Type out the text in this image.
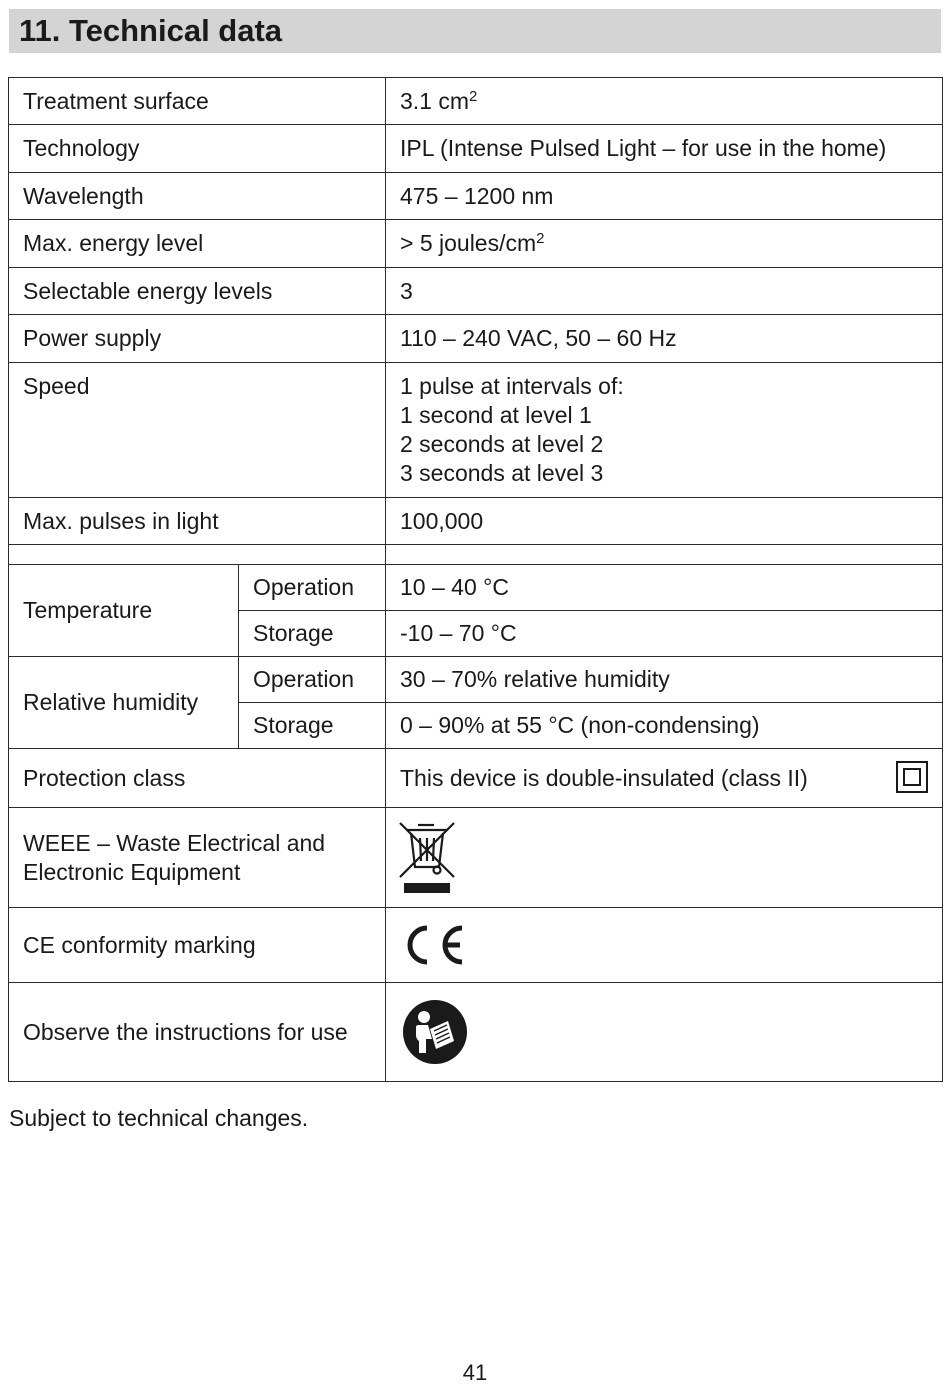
11. Technical data
Treatment surface		3.1 $cm^2$
Technology		IPL (Intense Pulsed Light – for use in the home)
Wavelength		475 – 1200 nm
Max. energy level		> 5 joules/$cm^2$
Selectable energy levels		3
Power supply		110 – 240 VAC, 50 – 60 Hz
Speed		1 pulse at intervals of:
1 second at level 1
2 seconds at level 2
3 seconds at level 3

Max. pulses in light		100,000

Temperature	Operation	10 – 40 °C
	Storage	-10 – 70 °C
Relative humidity	Operation	30 – 70% relative humidity
	Storage	0 – 90% at 55 °C (non-condensing)
Protection class		This device is double-insulated (class II)

WEEE – Waste Electrical and
Electronic Equipment

CE conformity marking	

Observe the instructions for use	
Subject to technical changes.
41
